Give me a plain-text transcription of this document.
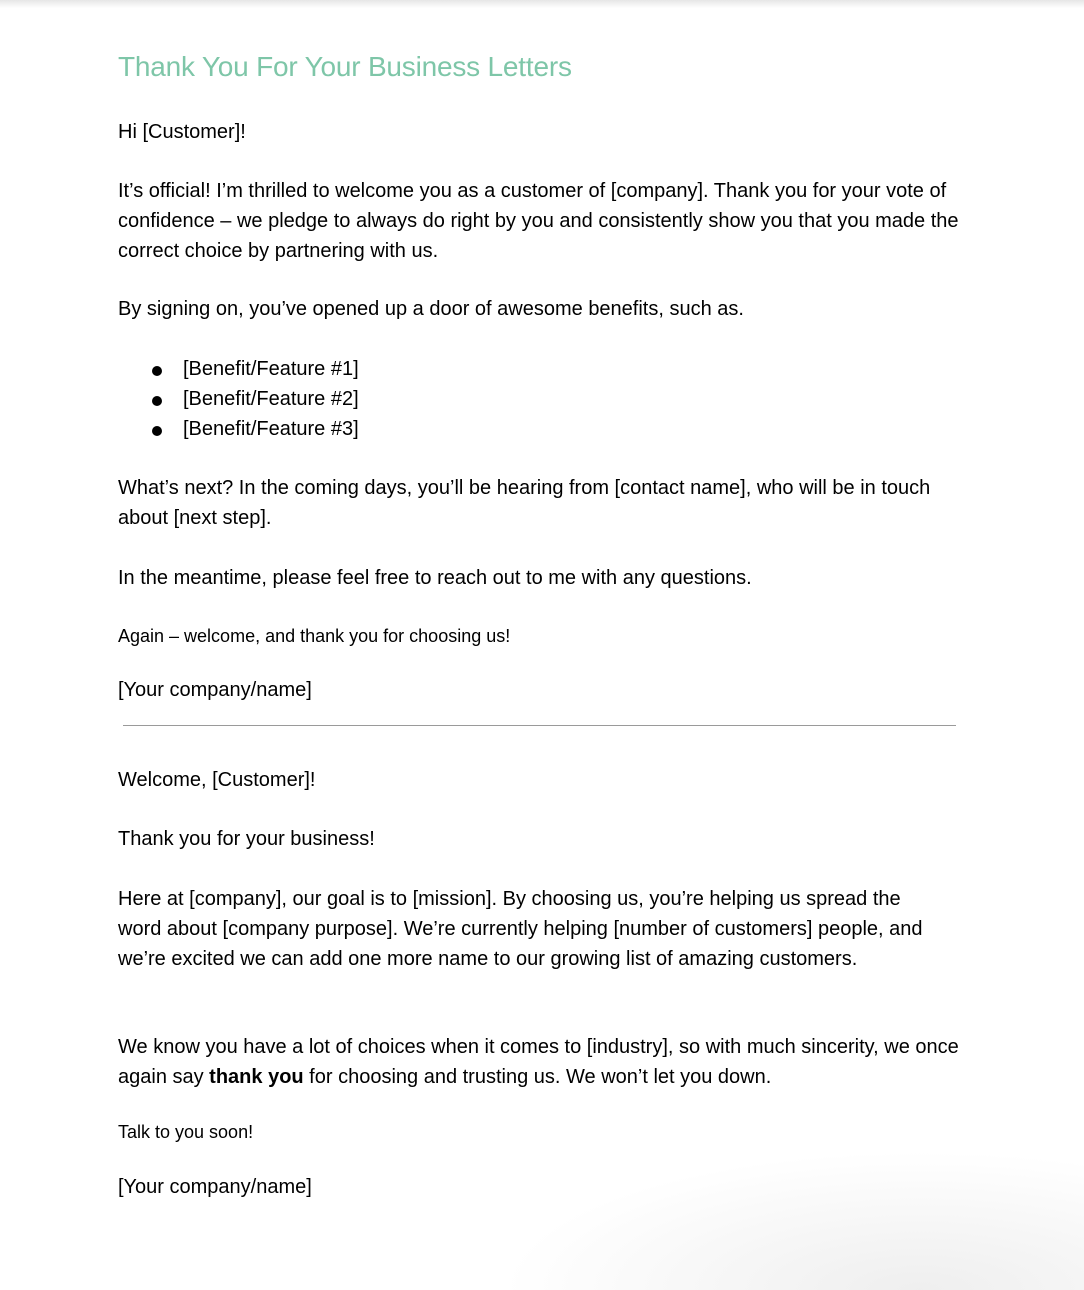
Thank You For Your Business Letters

Hi [Customer]!

It’s official! I’m thrilled to welcome you as a customer of [company]. Thank you for your vote of confidence – we pledge to always do right by you and consistently show you that you made the correct choice by partnering with us.

By signing on, you’ve opened up a door of awesome benefits, such as.

[Benefit/Feature #1]
[Benefit/Feature #2]
[Benefit/Feature #3]

What’s next? In the coming days, you’ll be hearing from [contact name], who will be in touch about [next step].

In the meantime, please feel free to reach out to me with any questions.

Again – welcome, and thank you for choosing us!

[Your company/name]

Welcome, [Customer]!

Thank you for your business!

Here at [company], our goal is to [mission]. By choosing us, you’re helping us spread the word about [company purpose]. We’re currently helping [number of customers] people, and we’re excited we can add one more name to our growing list of amazing customers.

We know you have a lot of choices when it comes to [industry], so with much sincerity, we once again say thank you for choosing and trusting us. We won’t let you down.

Talk to you soon!

[Your company/name]
